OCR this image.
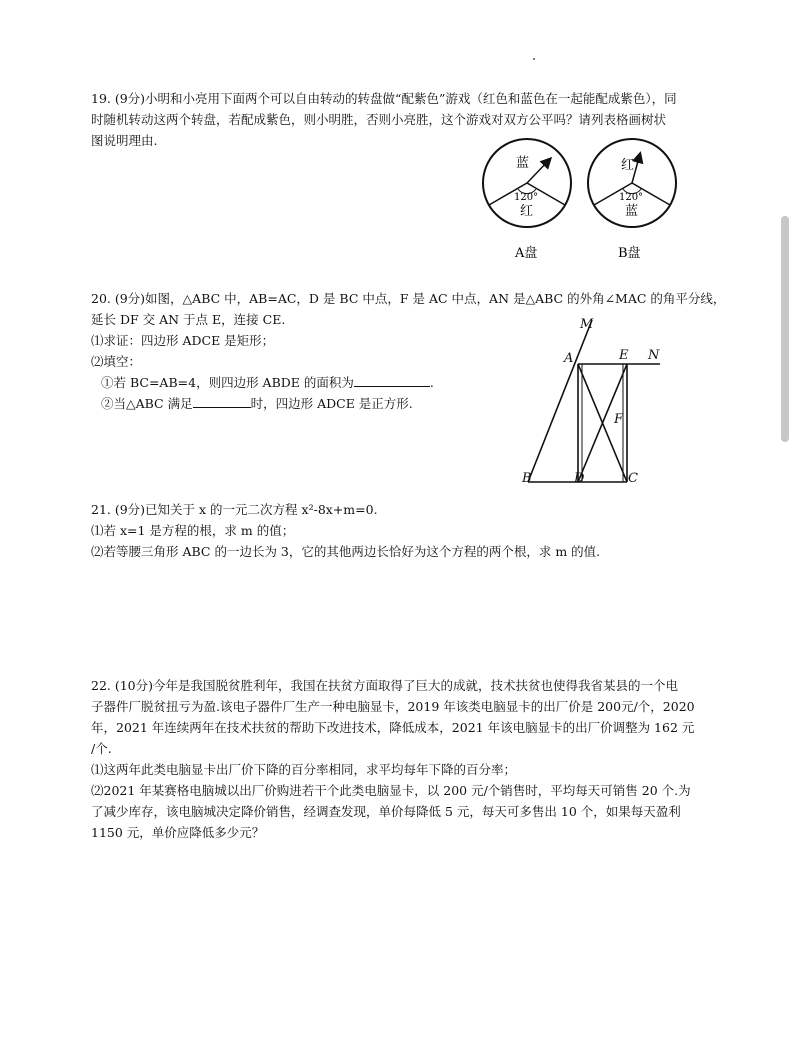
19. (9分)小明和小亮用下面两个可以自由转动的转盘做“配紫色”游戏（红色和蓝色在一起能配成紫色），同
时随机转动这两个转盘，若配成紫色，则小明胜，否则小亮胜，这个游戏对双方公平吗？请列表格画树状
图说明理由.
蓝
120°
红
A盘
红
120°
蓝
B盘
20. (9分)如图，△ABC 中，AB=AC，D 是 BC 中点，F 是 AC 中点，AN 是△ABC 的外角∠MAC 的角平分线，
延长 DF 交 AN 于点 E，连接 CE.
⑴求证：四边形 ADCE 是矩形；
⑵填空：
①若 BC=AB=4，则四边形 ABDE 的面积为	.
②当△ABC 满足	时，四边形 ADCE 是正方形.
M
A	E N
F
B	D	C
21. (9分)已知关于 x 的一元二次方程 x²-8x+m=0.
⑴若 x=1 是方程的根，求 m 的值；
⑵若等腰三角形 ABC 的一边长为 3，它的其他两边长恰好为这个方程的两个根，求 m 的值.
22. (10分)今年是我国脱贫胜利年，我国在扶贫方面取得了巨大的成就，技术扶贫也使得我省某县的一个电
子器件厂脱贫扭亏为盈.该电子器件厂生产一种电脑显卡，2019 年该类电脑显卡的出厂价是 200元/个，2020
年，2021 年连续两年在技术扶贫的帮助下改进技术，降低成本，2021 年该电脑显卡的出厂价调整为 162 元
/个.
⑴这两年此类电脑显卡出厂价下降的百分率相同，求平均每年下降的百分率；
⑵2021 年某赛格电脑城以出厂价购进若干个此类电脑显卡，以 200 元/个销售时，平均每天可销售 20 个.为
了减少库存，该电脑城决定降价销售，经调查发现，单价每降低 5 元，每天可多售出 10 个，如果每天盈利
1150 元，单价应降低多少元？
